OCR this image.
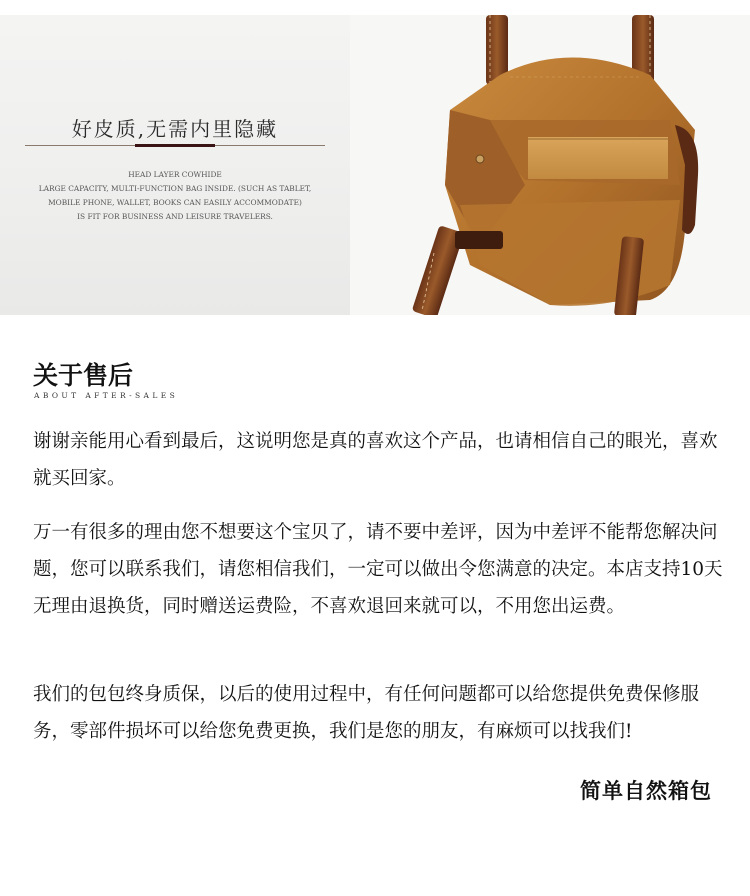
好皮质,无需内里隐藏
HEAD LAYER COWHIDE
LARGE CAPACITY, MULTI-FUNCTION BAG INSIDE. (SUCH AS TABLET,
MOBILE PHONE, WALLET, BOOKS CAN EASILY ACCOMMODATE)
IS FIT FOR BUSINESS AND LEISURE TRAVELERS.
关于售后
ABOUT AFTER-SALES
谢谢亲能用心看到最后，这说明您是真的喜欢这个产品，也请相信自己的眼光，喜欢就买回家。
万一有很多的理由您不想要这个宝贝了，请不要中差评，因为中差评不能帮您解决问题，您可以联系我们，请您相信我们，一定可以做出令您满意的决定。本店支持10天无理由退换货，同时赠送运费险，不喜欢退回来就可以，不用您出运费。
我们的包包终身质保，以后的使用过程中，有任何问题都可以给您提供免费保修服务，零部件损坏可以给您免费更换，我们是您的朋友，有麻烦可以找我们!
简单自然箱包
